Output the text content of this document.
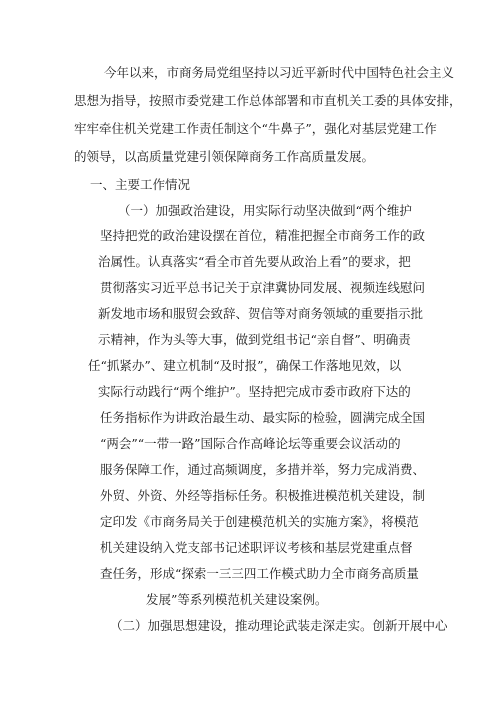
今年以来，市商务局党组坚持以习近平新时代中国特色社会主义
思想为指导，按照市委党建工作总体部署和市直机关工委的具体安排，
牢牢牵住机关党建工作责任制这个“牛鼻子”，强化对基层党建工作
的领导，以高质量党建引领保障商务工作高质量发展。
一、主要工作情况
（一）加强政治建设，用实际行动坚决做到“两个维护
坚持把党的政治建设摆在首位，精准把握全市商务工作的政
治属性。认真落实“看全市首先要从政治上看”的要求，把
贯彻落实习近平总书记关于京津冀协同发展、视频连线慰问
新发地市场和服贸会致辞、贺信等对商务领域的重要指示批
示精神，作为头等大事，做到党组书记“亲自督”、明确责
任“抓紧办”、建立机制“及时报”，确保工作落地见效，以
实际行动践行“两个维护”。坚持把完成市委市政府下达的
任务指标作为讲政治最生动、最实际的检验，圆满完成全国
“两会”“一带一路”国际合作高峰论坛等重要会议活动的
服务保障工作，通过高频调度，多措并举，努力完成消费、
外贸、外资、外经等指标任务。积极推进模范机关建设，制
定印发《市商务局关于创建模范机关的实施方案》，将模范
机关建设纳入党支部书记述职评议考核和基层党建重点督
查任务，形成“探索一三三四工作模式助力全市商务高质量
发展”等系列模范机关建设案例。
（二）加强思想建设，推动理论武装走深走实。创新开展中心
